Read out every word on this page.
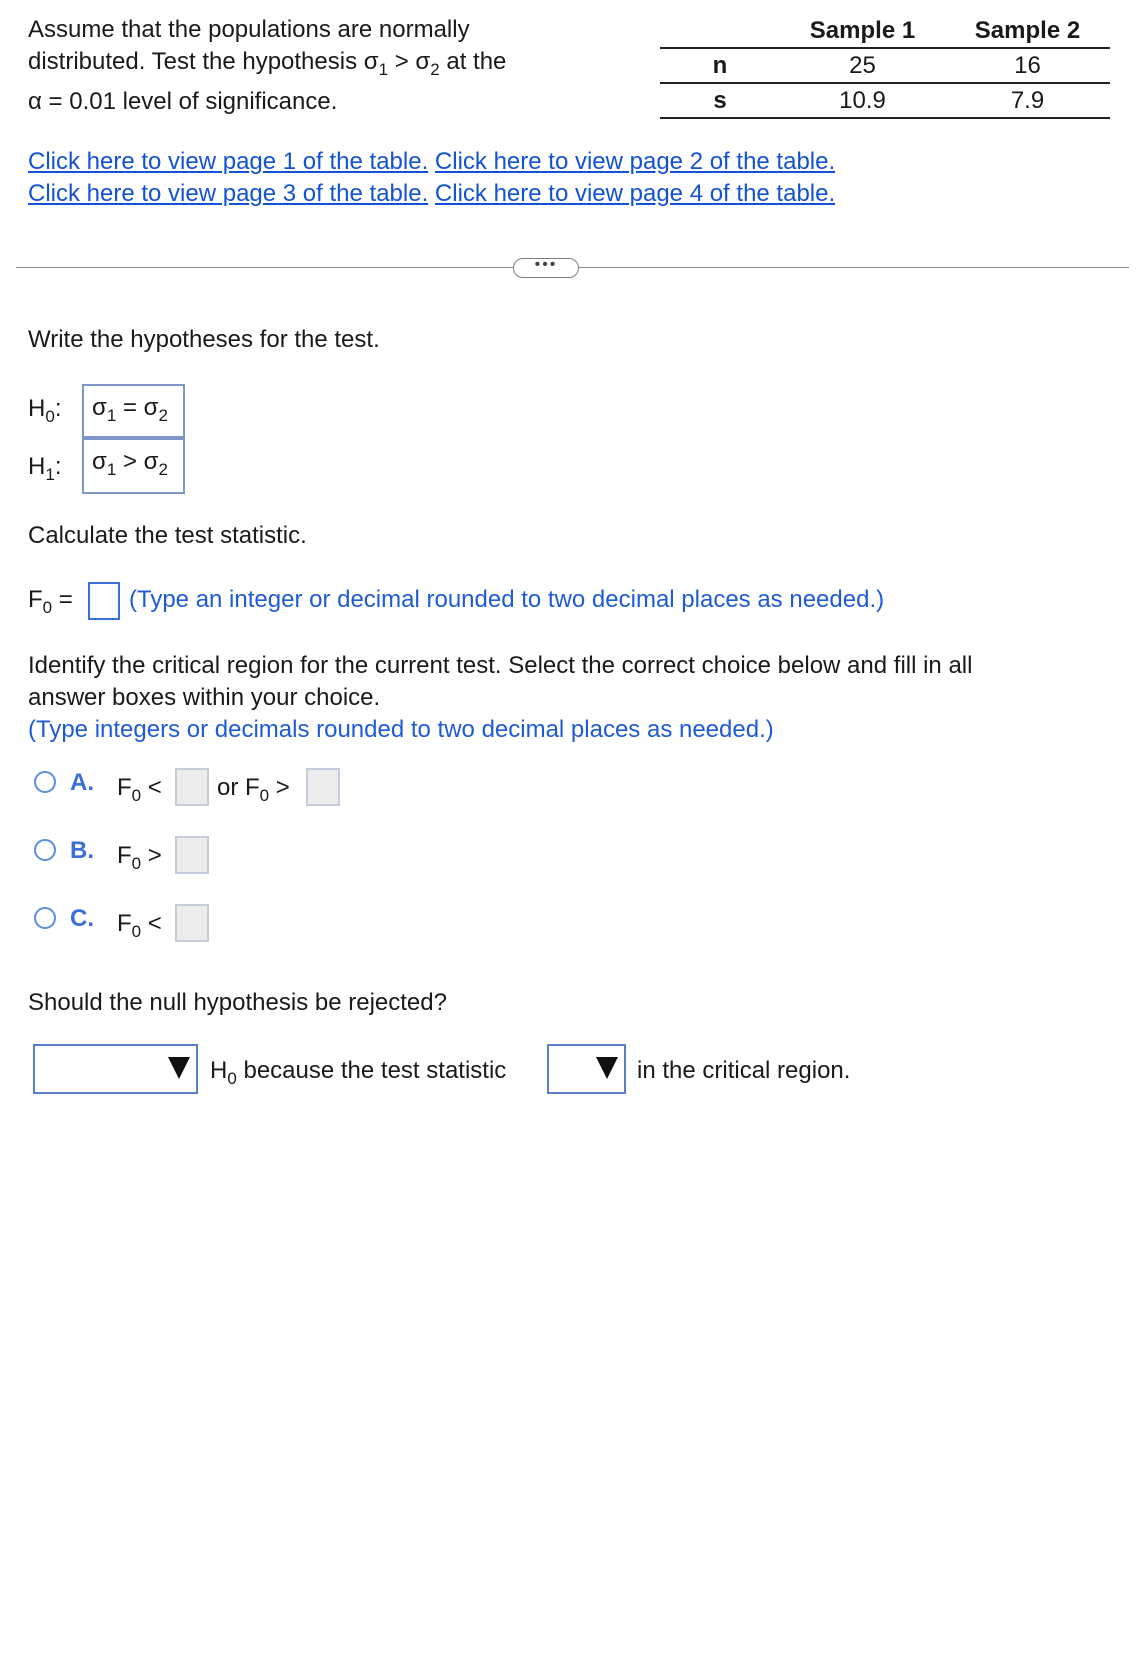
Assume that the populations are normally
distributed. Test the hypothesis $\sigma_1 > \sigma_2$ at the
α = 0.01 level of significance.
	Sample 1	Sample 2
n	25	16
s	10.9	7.9
Click here to view page 1 of the table. Click here to view page 2 of the table.
Click here to view page 3 of the table. Click here to view page 4 of the table.
•••
Write the hypotheses for the test.
$H_0$:	$\sigma_1 = \sigma_2$
$H_1$:	$\sigma_1 > \sigma_2$
Calculate the test statistic.
$F_0$ = (Type an integer or decimal rounded to two decimal places as needed.)
Identify the critical region for the current test. Select the correct choice below and fill in all
answer boxes within your choice.
(Type integers or decimals rounded to two decimal places as needed.)
A. $F_0$ < or $F_0$ >
B. $F_0$ >
C. $F_0$ <
Should the null hypothesis be rejected?
$H_0$ because the test statistic	in the critical region.
